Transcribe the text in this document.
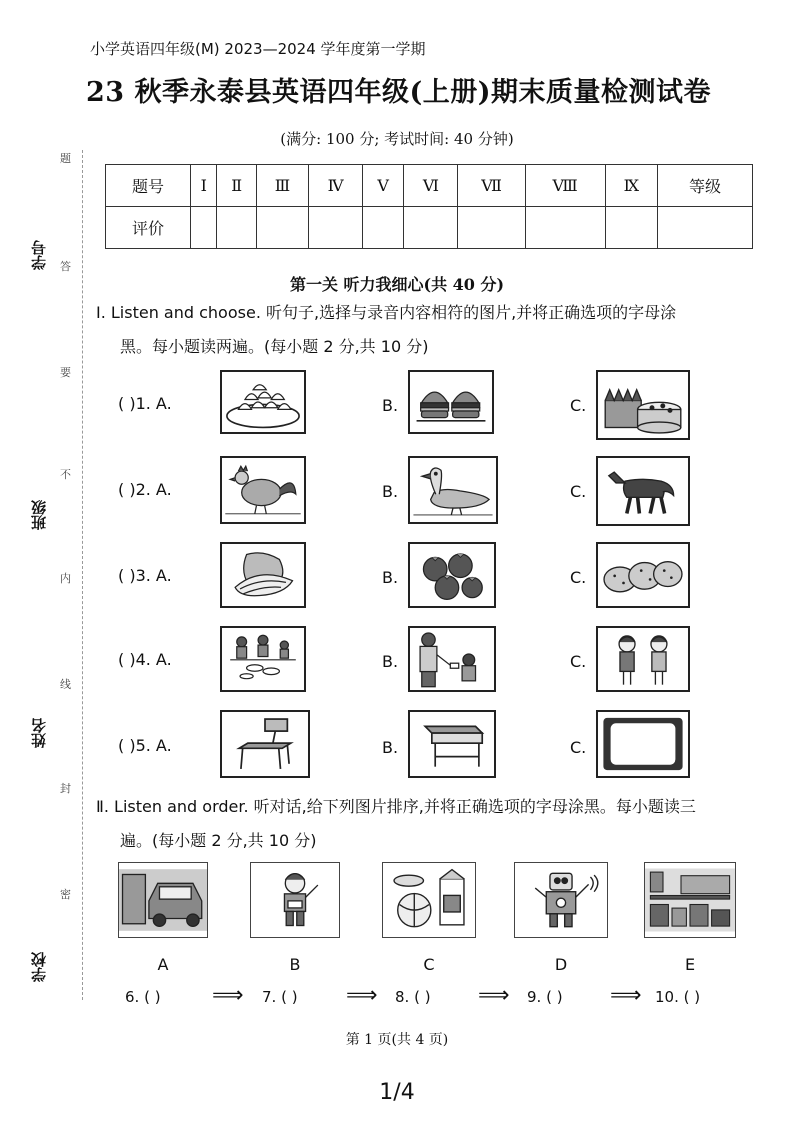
小学英语四年级(M) 2023—2024 学年度第一学期
23 秋季永泰县英语四年级(上册)期末质量检测试卷
(满分: 100 分; 考试时间: 40 分钟)
题号	Ⅰ	Ⅱ	Ⅲ	Ⅳ	Ⅴ	Ⅵ	Ⅶ	Ⅷ	Ⅸ	等级
评价										
学号
班级
姓名
学校
题
答
要
不
内
线
封
密
第一关 听力我细心(共 40 分)
Ⅰ. Listen and choose. 听句子,选择与录音内容相符的图片,并将正确选项的字母涂
黑。每小题读两遍。(每小题 2 分,共 10 分)
( )1. A.	B.	C.
( )2. A.	B.	C.
( )3. A.	B.	C.
( )4. A.	B.	C.
( )5. A.	B.	C.
Ⅱ. Listen and order. 听对话,给下列图片排序,并将正确选项的字母涂黑。每小题读三
遍。(每小题 2 分,共 10 分)
A	B	C	D	E
6. ( ) ⟹ 7. ( ) ⟹ 8. ( ) ⟹ 9. ( ) ⟹ 10. ( )
第 1 页(共 4 页)
1/4
